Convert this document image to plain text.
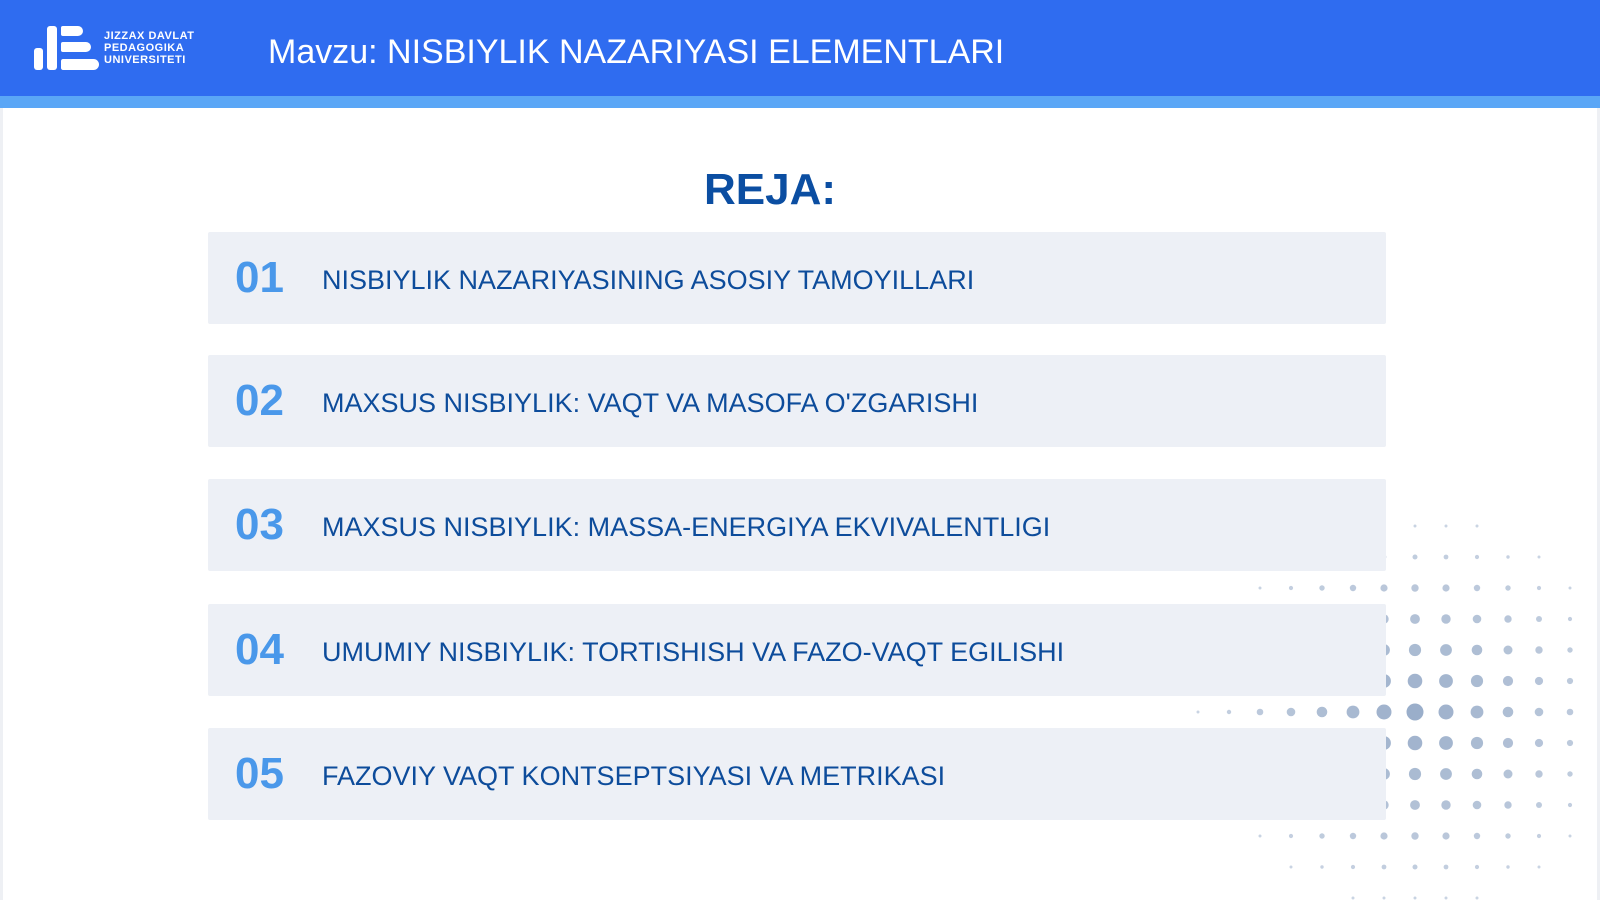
JIZZAX DAVLAT
PEDAGOGIKA
UNIVERSITETI Mavzu: NISBIYLIK NAZARIYASI ELEMENTLARI
REJA:
01 NISBIYLIK NAZARIYASINING ASOSIY TAMOYILLARI
02 MAXSUS NISBIYLIK: VAQT VA MASOFA O'ZGARISHI
03 MAXSUS NISBIYLIK: MASSA-ENERGIYA EKVIVALENTLIGI
04 UMUMIY NISBIYLIK: TORTISHISH VA FAZO-VAQT EGILISHI
05 FAZOVIY VAQT KONTSEPTSIYASI VA METRIKASI
